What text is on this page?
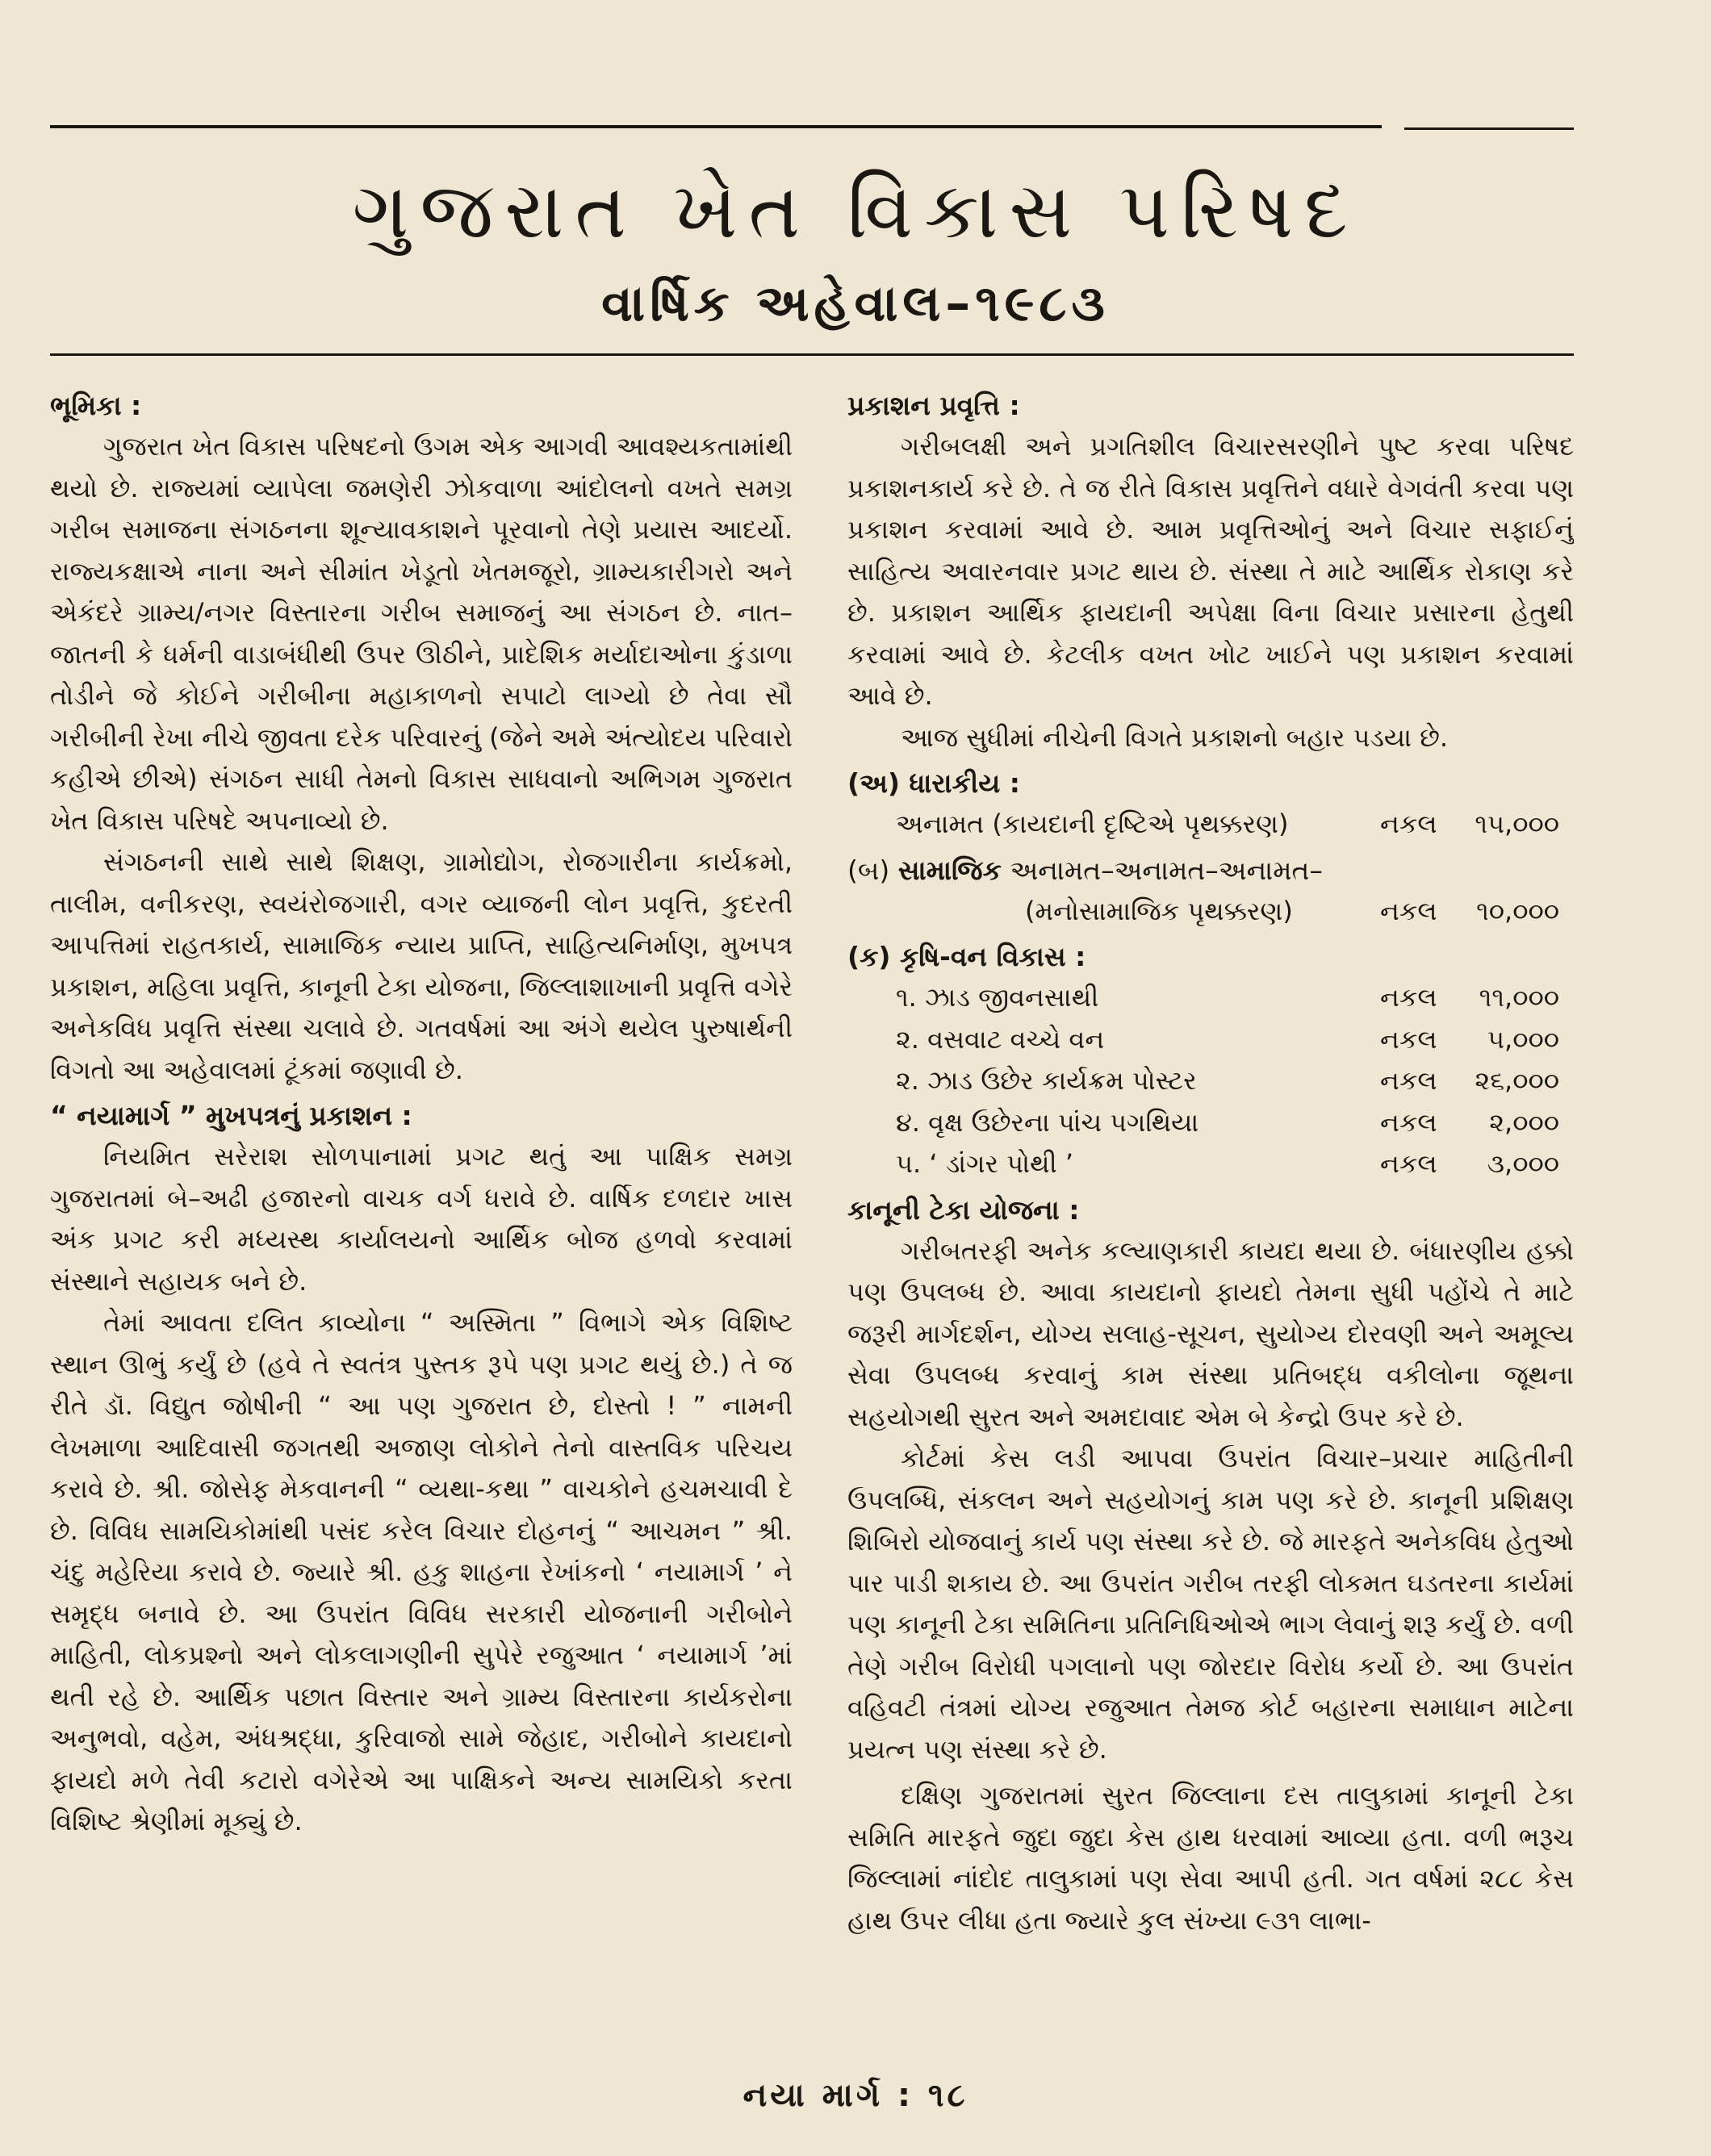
ગુજરાત ખેત વિકાસ પરિષદ
વાર્ષિક અહેવાલ–૧૯૮૩
ભૂમિકા :

ગુજરાત ખેત વિકાસ પરિષદનો ઉગમ એક આગવી આવશ્યકતામાંથી થયો છે. રાજ્યમાં વ્યાપેલા જમણેરી ઝોકવાળા આંદોલનો વખતે સમગ્ર ગરીબ સમાજના સંગઠનના શૂન્યાવકાશને પૂરવાનો તેણે પ્રયાસ આદર્યો. રાજ્યકક્ષાએ નાના અને સીમાંત ખેડૂતો ખેતમજૂરો, ગ્રામ્યકારીગરો અને એકંદરે ગ્રામ્ય/નગર વિસ્તારના ગરીબ સમાજનું આ સંગઠન છે. નાત–જાતની કે ધર્મની વાડાબંધીથી ઉપર ઊઠીને, પ્રાદેશિક મર્યાદાઓના કુંડાળા તોડીને જે કોઈને ગરીબીના મહાકાળનો સપાટો લાગ્યો છે તેવા સૌ ગરીબીની રેખા નીચે જીવતા દરેક પરિવારનું (જેને અમે અંત્યોદય પરિવારો કહીએ છીએ) સંગઠન સાધી તેમનો વિકાસ સાધવાનો અભિગમ ગુજરાત ખેત વિકાસ પરિષદે અપનાવ્યો છે.

સંગઠનની સાથે સાથે શિક્ષણ, ગ્રામોદ્યોગ, રોજગારીના કાર્યક્રમો, તાલીમ, વનીકરણ, સ્વયંરોજગારી, વગર વ્યાજની લોન પ્રવૃત્તિ, કુદરતી આપત્તિમાં રાહતકાર્ય, સામાજિક ન્યાય પ્રાપ્તિ, સાહિત્યનિર્માણ, મુખપત્ર પ્રકાશન, મહિલા પ્રવૃત્તિ, કાનૂની ટેકા યોજના, જિલ્લાશાખાની પ્રવૃત્તિ વગેરે અનેકવિધ પ્રવૃત્તિ સંસ્થા ચલાવે છે. ગતવર્ષમાં આ અંગે થયેલ પુરુષાર્થની વિગતો આ અહેવાલમાં ટૂંકમાં જણાવી છે.

“ નયામાર્ગ ” મુખપત્રનું પ્રકાશન :

નિયમિત સરેરાશ સોળપાનામાં પ્રગટ થતું આ પાક્ષિક સમગ્ર ગુજરાતમાં બે–અઢી હજારનો વાચક વર્ગ ધરાવે છે. વાર્ષિક દળદાર ખાસ અંક પ્રગટ કરી મધ્યસ્થ કાર્યાલયનો આર્થિક બોજ હળવો કરવામાં સંસ્થાને સહાયક બને છે.

તેમાં આવતા દલિત કાવ્યોના “ અસ્મિતા ” વિભાગે એક વિશિષ્ટ સ્થાન ઊભું કર્યું છે (હવે તે સ્વતંત્ર પુસ્તક રૂપે પણ પ્રગટ થયું છે.) તે જ રીતે ડૉ. વિદ્યુત જોષીની “ આ પણ ગુજરાત છે, દોસ્તો ! ” નામની લેખમાળા આદિવાસી જગતથી અજાણ લોકોને તેનો વાસ્તવિક પરિચય કરાવે છે. શ્રી. જોસેફ મેકવાનની “ વ્યથા-કથા ” વાચકોને હચમચાવી દે છે. વિવિધ સામયિકોમાંથી પસંદ કરેલ વિચાર દોહનનું “ આચમન ” શ્રી. ચંદુ મહેરિયા કરાવે છે. જ્યારે શ્રી. હકુ શાહના રેખાંકનો ‘ નયામાર્ગ ’ ને સમૃદ્ધ બનાવે છે. આ ઉપરાંત વિવિધ સરકારી યોજનાની ગરીબોને માહિતી, લોકપ્રશ્નો અને લોકલાગણીની સુપેરે રજુઆત ‘ નયામાર્ગ ’માં થતી રહે છે. આર્થિક પછાત વિસ્તાર અને ગ્રામ્ય વિસ્તારના કાર્યકરોના અનુભવો, વહેમ, અંધશ્રદ્ધા, કુરિવાજો સામે જેહાદ, ગરીબોને કાયદાનો ફાયદો મળે તેવી કટારો વગેરેએ આ પાક્ષિકને અન્ય સામયિકો કરતા વિશિષ્ટ શ્રેણીમાં મૂક્યું છે.

પ્રકાશન પ્રવૃત્તિ :

ગરીબલક્ષી અને પ્રગતિશીલ વિચારસરણીને પુષ્ટ કરવા પરિષદ પ્રકાશનકાર્ય કરે છે. તે જ રીતે વિકાસ પ્રવૃત્તિને વધારે વેગવંતી કરવા પણ પ્રકાશન કરવામાં આવે છે. આમ પ્રવૃત્તિઓનું અને વિચાર સફાઈનું સાહિત્ય અવારનવાર પ્રગટ થાય છે. સંસ્થા તે માટે આર્થિક રોકાણ કરે છે. પ્રકાશન આર્થિક ફાયદાની અપેક્ષા વિના વિચાર પ્રસારના હેતુથી કરવામાં આવે છે. કેટલીક વખત ખોટ ખાઈને પણ પ્રકાશન કરવામાં આવે છે.

આજ સુધીમાં નીચેની વિગતે પ્રકાશનો બહાર પડયા છે.

(અ) ધારાકીય :
અનામત (કાયદાની દૃષ્ટિએ પૃથક્કરણ)	નકલ ૧૫,૦૦૦
(બ) સામાજિક અનામત–અનામત–અનામત–
(મનોસામાજિક પૃથક્કરણ)	નકલ ૧૦,૦૦૦
(ક) કૃષિ-વન વિકાસ :
૧. ઝાડ જીવનસાથી	નકલ ૧૧,૦૦૦
૨. વસવાટ વચ્ચે વન	નકલ ૫,૦૦૦
૨. ઝાડ ઉછેર કાર્યક્રમ પોસ્ટર	નકલ ૨૬,૦૦૦
૪. વૃક્ષ ઉછેરના પાંચ પગથિયા	નકલ ૨,૦૦૦
૫. ‘ ડાંગર પોથી ’	નકલ ૩,૦૦૦
કાનૂની ટેકા યોજના :

ગરીબતરફી અનેક કલ્યાણકારી કાયદા થયા છે. બંધારણીય હક્કો પણ ઉપલબ્ધ છે. આવા કાયદાનો ફાયદો તેમના સુધી પહોંચે તે માટે જરૂરી માર્ગદર્શન, યોગ્ય સલાહ-સૂચન, સુયોગ્ય દોરવણી અને અમૂલ્ય સેવા ઉપલબ્ધ કરવાનું કામ સંસ્થા પ્રતિબદ્ધ વકીલોના જૂથના સહયોગથી સુરત અને અમદાવાદ એમ બે કેન્દ્રો ઉપર કરે છે.

કોર્ટમાં કેસ લડી આપવા ઉપરાંત વિચાર–પ્રચાર માહિતીની ઉપલબ્ધિ, સંકલન અને સહયોગનું કામ પણ કરે છે. કાનૂની પ્રશિક્ષણ શિબિરો યોજવાનું કાર્ય પણ સંસ્થા કરે છે. જે મારફતે અનેકવિધ હેતુઓ પાર પાડી શકાય છે. આ ઉપરાંત ગરીબ તરફી લોકમત ઘડતરના કાર્યમાં પણ કાનૂની ટેકા સમિતિના પ્રતિનિધિઓએ ભાગ લેવાનું શરૂ કર્યું છે. વળી તેણે ગરીબ વિરોધી પગલાનો પણ જોરદાર વિરોધ કર્યો છે. આ ઉપરાંત વહિવટી તંત્રમાં યોગ્ય રજુઆત તેમજ કોર્ટ બહારના સમાધાન માટેના પ્રયત્ન પણ સંસ્થા કરે છે.

દક્ષિણ ગુજરાતમાં સુરત જિલ્લાના દસ તાલુકામાં કાનૂની ટેકા સમિતિ મારફતે જુદા જુદા કેસ હાથ ધરવામાં આવ્યા હતા. વળી ભરૂચ જિલ્લામાં નાંદોદ તાલુકામાં પણ સેવા આપી હતી. ગત વર્ષમાં ૨૮૮ કેસ હાથ ઉપર લીધા હતા જ્યારે કુલ સંખ્યા ૯૩૧ લાભા-

નયા માર્ગ : ૧૮
